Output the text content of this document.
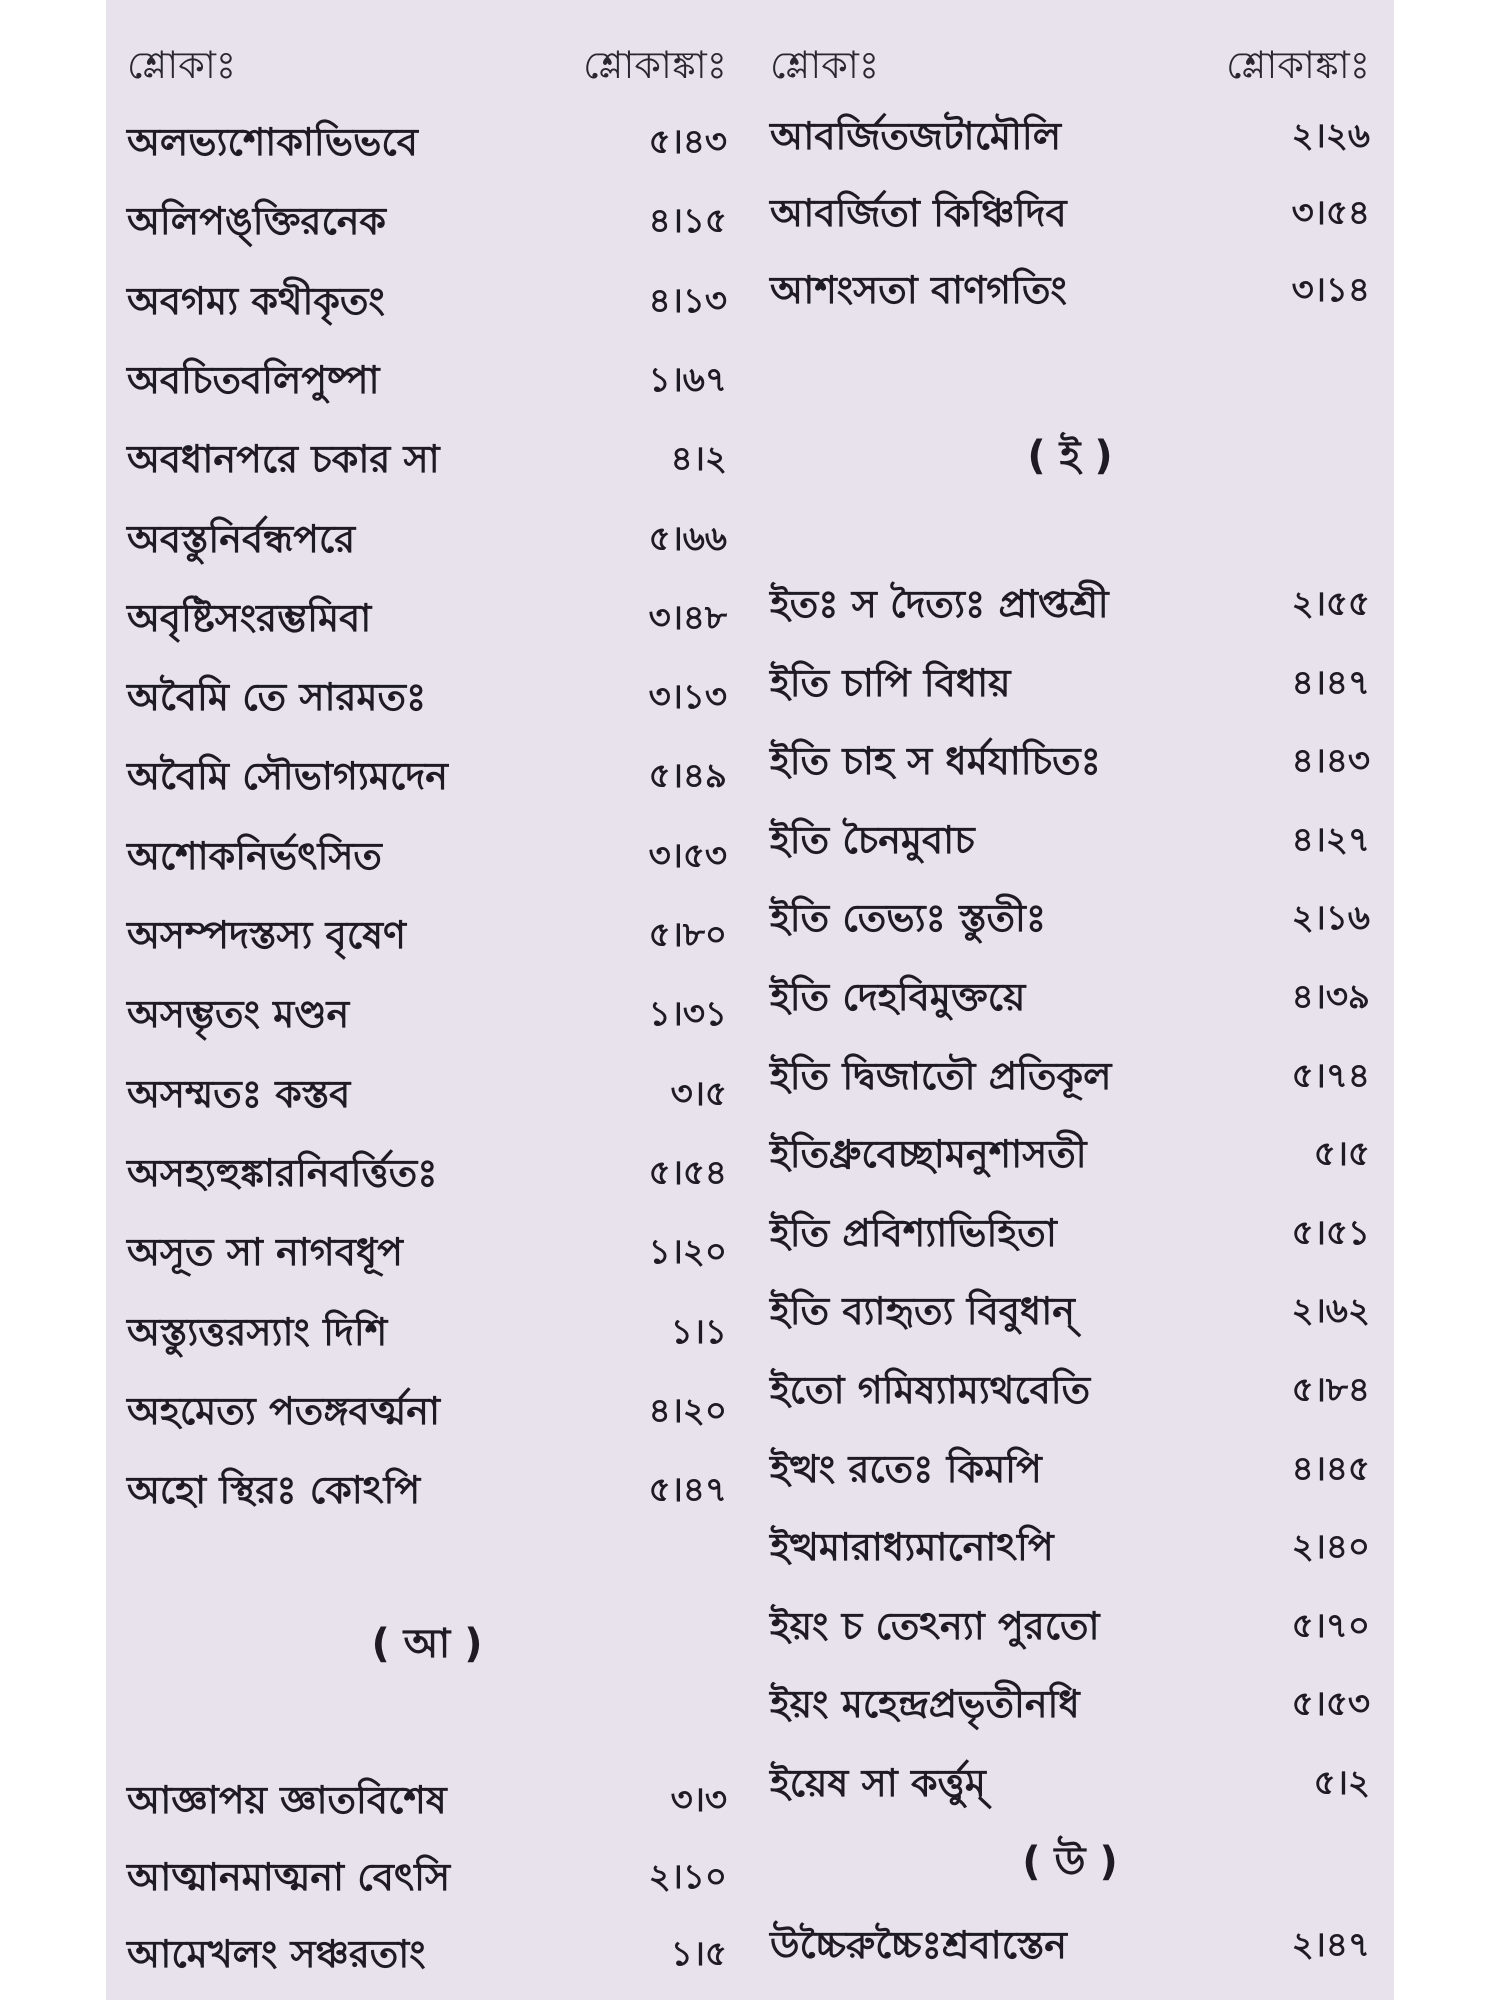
শ্লোকাঃ	শ্লোকাঙ্কাঃ
অলভ্যশোকাভিভবে	৫।৪৩
অলিপঙ্‌ক্তিরনেক	৪।১৫
অবগম্য কথীকৃতং	৪।১৩
অবচিতবলিপুষ্পা	১।৬৭
অবধানপরে চকার সা	৪।২
অবস্তুনির্বন্ধপরে	৫।৬৬
অবৃষ্টিসংরম্ভমিবা	৩।৪৮
অবৈমি তে সারমতঃ	৩।১৩
অবৈমি সৌভাগ্যমদেন	৫।৪৯
অশোকনির্ভৎসিত	৩।৫৩
অসম্পদস্তস্য বৃষেণ	৫।৮০
অসম্ভৃতং মণ্ডন	১।৩১
অসম্মতঃ কস্তব	৩।৫
অসহ্যহুঙ্কারনিবর্ত্তিতঃ	৫।৫৪
অসূত সা নাগবধূপ	১।২০
অস্ত্যুত্তরস্যাং দিশি	১।১
অহমেত্য পতঙ্গবর্ত্মনা	৪।২০
অহো স্থিরঃ কোঽপি	৫।৪৭
( আ )
আজ্ঞাপয় জ্ঞাতবিশেষ	৩।৩
আত্মানমাত্মনা বেৎসি	২।১০
আমেখলং সঞ্চরতাং	১।৫
শ্লোকাঃ	শ্লোকাঙ্কাঃ
আবর্জিতজটামৌলি	২।২৬
আবর্জিতা কিঞ্চিদিব	৩।৫৪
আশংসতা বাণগতিং	৩।১৪
( ই )
ইতঃ স দৈত্যঃ প্রাপ্তশ্রী	২।৫৫
ইতি চাপি বিধায়	৪।৪৭
ইতি চাহ স ধর্মযাচিতঃ	৪।৪৩
ইতি চৈনমুবাচ	৪।২৭
ইতি তেভ্যঃ স্তুতীঃ	২।১৬
ইতি দেহবিমুক্তয়ে	৪।৩৯
ইতি দ্বিজাতৌ প্রতিকূল	৫।৭৪
ইতিধ্রুবেচ্ছামনুশাসতী	৫।৫
ইতি প্রবিশ্যাভিহিতা	৫।৫১
ইতি ব্যাহৃত্য বিবুধান্‌	২।৬২
ইতো গমিষ্যাম্যথবেতি	৫।৮৪
ইত্থং রতেঃ কিমপি	৪।৪৫
ইত্থমারাধ্যমানোঽপি	২।৪০
ইয়ং চ তেঽন্যা পুরতো	৫।৭০
ইয়ং মহেন্দ্রপ্রভৃতীনধি	৫।৫৩
ইয়েষ সা কর্ত্তুম্‌	৫।২
( উ )
উচ্চৈরুচ্চৈঃশ্রবাস্তেন	২।৪৭
